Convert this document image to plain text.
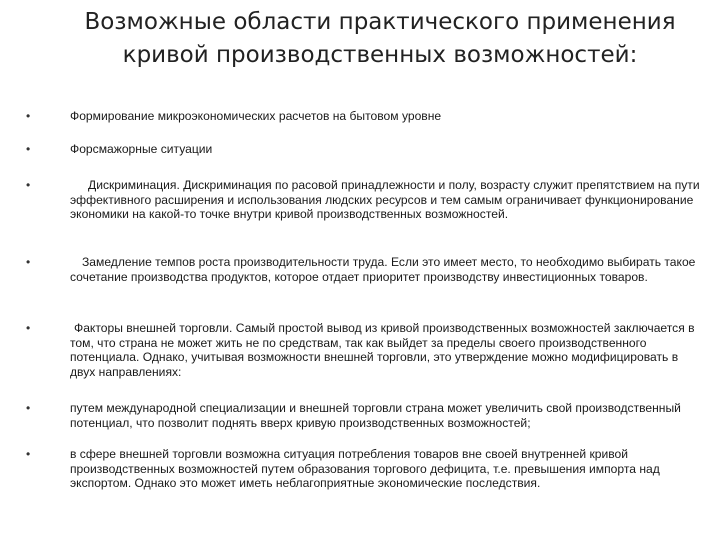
Возможные области практического применения
кривой производственных возможностей:
•	Формирование микроэкономических расчетов на бытовом уровне
•	Форсмажорные ситуации
•	Дискриминация. Дискриминация по расовой принадлежности и полу, возрасту служит препятствием на пути эффективного расширения и использования людских ресурсов и тем самым ограничивает функционирование экономики на какой-то точке внутри кривой производственных возможностей.
•	Замедление темпов роста производительности труда. Если это имеет место, то необходимо выбирать такое сочетание производства продуктов, которое отдает приоритет производству инвестиционных товаров.
•	Факторы внешней торговли. Самый простой вывод из кривой производственных возможностей заключается в том, что страна не может жить не по средствам, так как выйдет за пределы своего производственного потенциала. Однако, учитывая возможности внешней торговли, это утверждение можно модифицировать в двух направлениях:
•	путем международной специализации и внешней торговли страна может увеличить свой производственный потенциал, что позволит поднять вверх кривую производственных возможностей;
•	в сфере внешней торговли возможна ситуация потребления товаров вне своей внутренней кривой производственных возможностей путем образования торгового дефицита, т.е. превышения импорта над экспортом. Однако это может иметь неблагоприятные экономические последствия.
